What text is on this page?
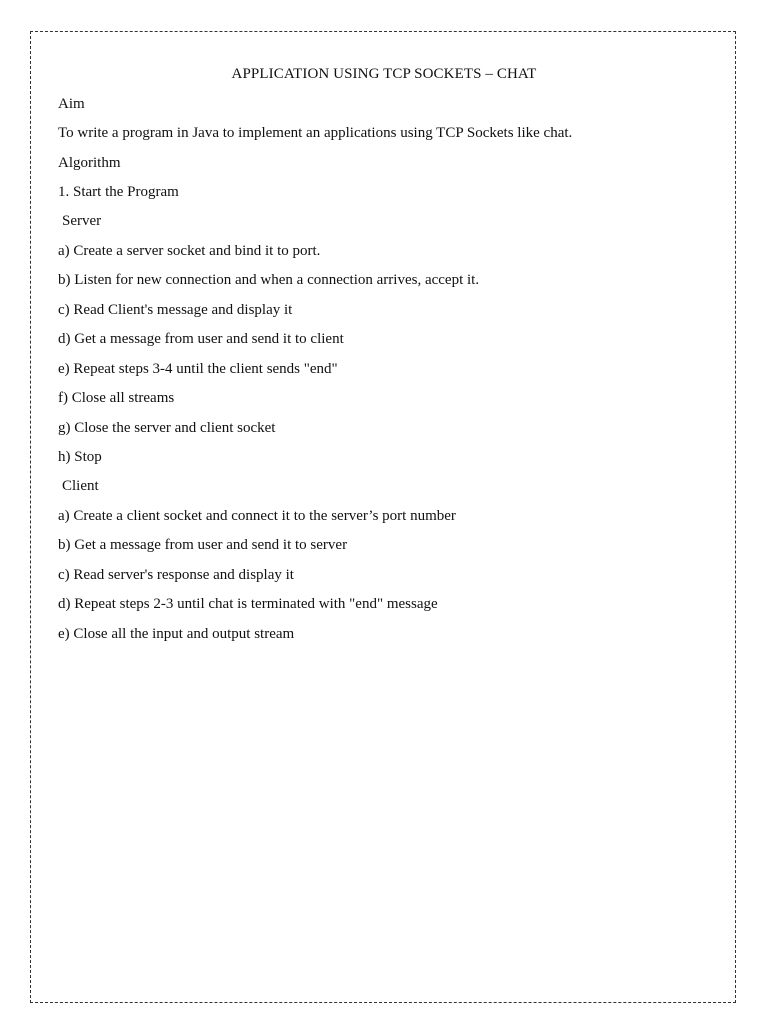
APPLICATION USING TCP SOCKETS – CHAT
Aim
To write a program in Java to implement an applications using TCP Sockets like chat.
Algorithm
1. Start the Program
Server
a) Create a server socket and bind it to port.
b) Listen for new connection and when a connection arrives, accept it.
c) Read Client's message and display it
d) Get a message from user and send it to client
e) Repeat steps 3-4 until the client sends "end"
f) Close all streams
g) Close the server and client socket
h) Stop
Client
a) Create a client socket and connect it to the server’s port number
b) Get a message from user and send it to server
c) Read server's response and display it
d) Repeat steps 2-3 until chat is terminated with "end" message
e) Close all the input and output stream
